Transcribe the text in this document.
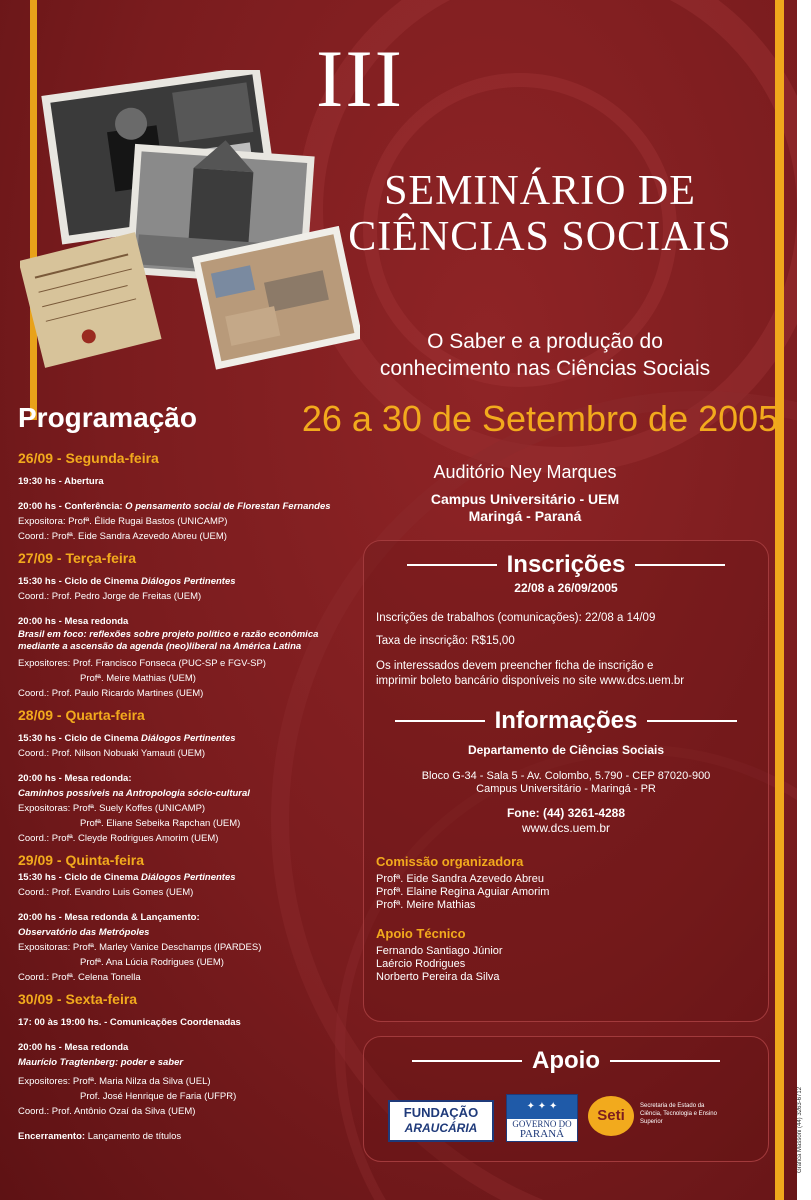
Gráfica Massoni (44) 3263-6712
III
SEMINÁRIO DE
CIÊNCIAS SOCIAIS
O Saber e a produção do
conhecimento nas Ciências Sociais
26 a 30 de Setembro de 2005
Auditório Ney Marques
Campus Universitário - UEM
Maringá - Paraná
Programação
26/09 - Segunda-feira
19:30 hs - Abertura
20:00 hs - Conferência: O pensamento social de Florestan Fernandes
Expositora: Profª. Élide Rugai Bastos (UNICAMP)
Coord.: Profª. Eide Sandra Azevedo Abreu (UEM)
27/09 - Terça-feira
15:30 hs - Ciclo de Cinema Diálogos Pertinentes
Coord.: Prof. Pedro Jorge de Freitas (UEM)
20:00 hs - Mesa redonda
Brasil em foco: reflexões sobre projeto político e razão econômica
mediante a ascensão da agenda (neo)liberal na América Latina
Expositores: Prof. Francisco Fonseca (PUC-SP e FGV-SP)
Profª. Meire Mathias (UEM)
Coord.: Prof. Paulo Ricardo Martines (UEM)
28/09 - Quarta-feira
15:30 hs - Ciclo de Cinema Diálogos Pertinentes
Coord.: Prof. Nilson Nobuaki Yamauti (UEM)
20:00 hs - Mesa redonda:
Caminhos possíveis na Antropologia sócio-cultural
Expositoras: Profª. Suely Koffes (UNICAMP)
Profª. Eliane Sebeika Rapchan (UEM)
Coord.: Profª. Cleyde Rodrigues Amorim (UEM)
29/09 - Quinta-feira
15:30 hs - Ciclo de Cinema Diálogos Pertinentes
Coord.: Prof. Evandro Luis Gomes (UEM)
20:00 hs - Mesa redonda & Lançamento:
Observatório das Metrópoles
Expositoras: Profª. Marley Vanice Deschamps (IPARDES)
Profª. Ana Lúcia Rodrigues (UEM)
Coord.: Profª. Celena Tonella
30/09 - Sexta-feira
17: 00 às 19:00 hs. - Comunicações Coordenadas
20:00 hs - Mesa redonda
Maurício Tragtenberg: poder e saber
Expositores: Profª. Maria Nilza da Silva (UEL)
Prof. José Henrique de Faria (UFPR)
Coord.: Prof. Antônio Ozaí da Silva (UEM)
Encerramento: Lançamento de títulos
Inscrições
22/08 a 26/09/2005
Inscrições de trabalhos (comunicações): 22/08 a 14/09
Taxa de inscrição: R$15,00
Os interessados devem preencher ficha de inscrição e
imprimir boleto bancário disponíveis no site www.dcs.uem.br
Informações
Departamento de Ciências Sociais
Bloco G-34 - Sala 5 - Av. Colombo, 5.790 - CEP 87020-900
Campus Universitário - Maringá - PR
Fone: (44) 3261-4288
www.dcs.uem.br
Comissão organizadora
Profª. Eide Sandra Azevedo Abreu
Profª. Elaine Regina Aguiar Amorim
Profª. Meire Mathias
Apoio Técnico
Fernando Santiago Júnior
Laércio Rodrigues
Norberto Pereira da Silva
Apoio
FUNDAÇÃO
ARAUCÁRIA
✦ ✦ ✦
GOVERNO DO
PARANÁ
Seti
Secretaria de Estado da Ciência, Tecnologia e Ensino Superior
